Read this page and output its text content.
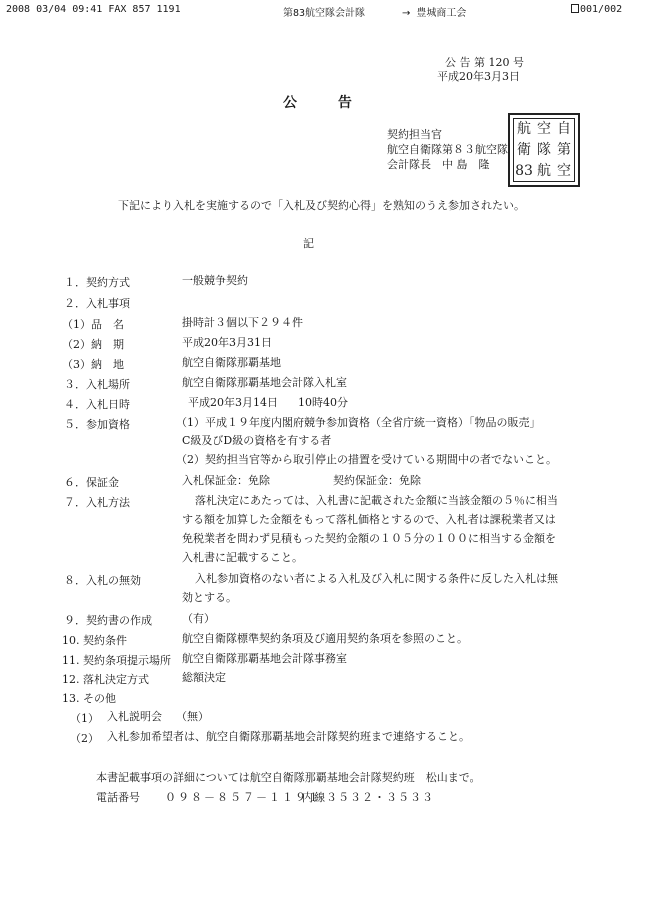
2008 03/04 09:41 FAX 857 1191	第83航空隊会計隊	→ 豊城商工会	001/002
公 告 第 120 号
平成20年3月3日
公 告
契約担当官
航空自衛隊第８３航空隊
会計隊長　中 島　隆
航 空 自
衛 隊 第
83 航 空
下記により入札を実施するので「入札及び契約心得」を熟知のうえ参加されたい。
記
１．契約方式	一般競争契約
２．入札事項
（1）品　名	掛時計３個以下２９４件
（2）納　期	平成20年3月31日
（3）納　地	航空自衛隊那覇基地
３．入札場所	航空自衛隊那覇基地会計隊入札室
４．入札日時	平成20年3月14日 10時40分
５．参加資格	（1）平成１９年度内閣府競争参加資格（全省庁統一資格）「物品の販売」
C級及びD級の資格を有する者
（2）契約担当官等から取引停止の措置を受けている期間中の者でないこと。
６．保証金	入札保証金：免除	契約保証金：免除
７．入札方法	落札決定にあたっては、入札書に記載された金額に当該金額の５％に相当
する額を加算した金額をもって落札価格とするので、入札者は課税業者又は
免税業者を問わず見積もった契約金額の１０５分の１００に相当する金額を
入札書に記載すること。
８．入札の無効	入札参加資格のない者による入札及び入札に関する条件に反した入札は無
効とする。
９．契約書の作成	（有）
10. 契約条件	航空自衛隊標準契約条項及び適用契約条項を参照のこと。
11. 契約条項提示場所 航空自衛隊那覇基地会計隊事務室
12. 落札決定方式	総額決定
13. その他
（1） 入札説明会 （無）
（2） 入札参加希望者は、航空自衛隊那覇基地会計隊契約班まで連絡すること。
本書記載事項の詳細については航空自衛隊那覇基地会計隊契約班　松山まで。
電話番号 ０９８－８５７－１１９１
内線３５３２・３５３３
